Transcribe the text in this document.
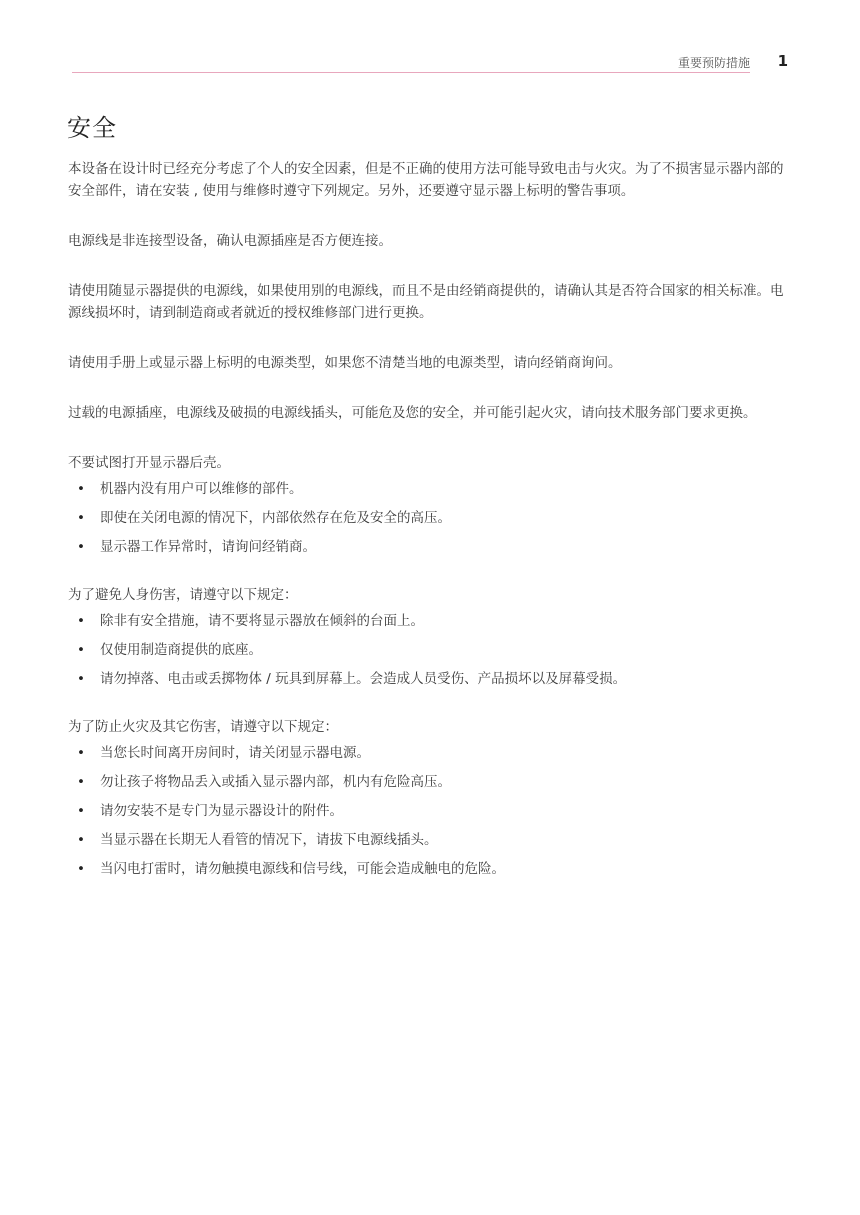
重要预防措施 1
安全

本设备在设计时已经充分考虑了个人的安全因素，但是不正确的使用方法可能导致电击与火灾。为了不损害显示器内部的安全部件，请在安装 , 使用与维修时遵守下列规定。另外，还要遵守显示器上标明的警告事项。

电源线是非连接型设备，确认电源插座是否方便连接。

请使用随显示器提供的电源线，如果使用别的电源线，而且不是由经销商提供的，请确认其是否符合国家的相关标准。电源线损坏时，请到制造商或者就近的授权维修部门进行更换。

请使用手册上或显示器上标明的电源类型，如果您不清楚当地的电源类型，请向经销商询问。

过载的电源插座，电源线及破损的电源线插头，可能危及您的安全，并可能引起火灾，请向技术服务部门要求更换。

不要试图打开显示器后壳。

• 机器内没有用户可以维修的部件。
• 即使在关闭电源的情况下，内部依然存在危及安全的高压。
• 显示器工作异常时，请询问经销商。

为了避免人身伤害，请遵守以下规定：

• 除非有安全措施，请不要将显示器放在倾斜的台面上。
• 仅使用制造商提供的底座。
• 请勿掉落、电击或丢掷物体 / 玩具到屏幕上。会造成人员受伤、产品损坏以及屏幕受损。

为了防止火灾及其它伤害，请遵守以下规定：

• 当您长时间离开房间时，请关闭显示器电源。
• 勿让孩子将物品丢入或插入显示器内部，机内有危险高压。
• 请勿安装不是专门为显示器设计的附件。
• 当显示器在长期无人看管的情况下，请拔下电源线插头。
• 当闪电打雷时，请勿触摸电源线和信号线，可能会造成触电的危险。
